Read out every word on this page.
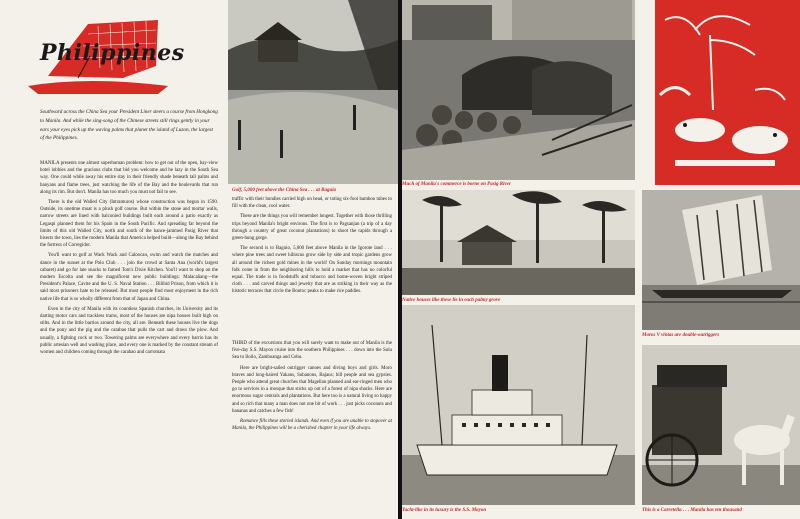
Philippines
Southward across the China Sea your President Liner steers a course from Hongkong to Manila. And while the sing-song of the Chinese streets still rings gently in your ears your eyes pick up the waving palms that planet the island of Luzon, the largest of the Philippines.

MANILA presents one almost superhuman problem: how to get out of the open, bay-view hotel lobbies and the gracious clubs that bid you welcome and be lazy in the South Sea way. One could while away his entire stay in their friendly shade beneath tall palms and banyans and flame trees, just watching the life of the Bay and the boulevards that run along its rim. But don't. Manila has too much you must not fail to see.

There is the old Walled City (Intramuros) whose construction was begun in 1590. Outside, its onetime moat is a plush golf course. But within the stone and mortar walls, narrow streets are lined with balconied buildings built each around a patio exactly as Legaspi planned them for his Spain in the South Pacific. And spreading far beyond the limits of this old Walled City, north and south of the hance-jammed Pasig River that bisects the town, lies the modern Manila that America helped build—along the Bay behind the fortress of Corregidor.

You'll want to golf at Wack Wack and Caloocan, swim and watch the matches and dance in the sunset at the Polo Club . . . join the crowd at Santa Ana (world's largest cabaret) and go for late snacks to famed Tom's Dixie Kitchen. You'll want to shop on the modern Escolta and see the magnificent new public buildings; Malacañang—the President's Palace, Cavite and the U. S. Naval Station . . . Bilibid Prison, from which it is said most prisoners hate to be released. But most people find most enjoyment in the rich native life that is so wholly different from that of Japan and China.

Even in the city of Manila with its countless Spanish churches, its University and its darting motor cars and trackless trams, most of the houses are nipa houses built high on stilts. And in the little barrios around the city, all are. Beneath these houses live the dogs and the pony and the pig and the carabao that pulls the cart and draws the plow. And usually, a fighting cock or two. Towering palms are everywhere and every barrio has its public artesian well and washing place, and every one is marked by the constant stream of women and children coming through the carabao and carromata

Golf, 5,000 feet above the China Sea . . . at Baguio

traffic with their bundles carried high on head, or toting six-foot bamboo tubes to fill with the clean, cool water.

These are the things you will remember longest. Together with those thrilling trips beyond Manila's bright environs. The first is to Pagsanjan (a trip of a day through a country of great coconut plantations) to shoot the rapids through a green-hung gorge.

The second is to Baguio, 5,000 feet above Manila in the Igorote land . . . where pine trees and sweet hibiscus grow side by side and tropic gardens grow all around the richest gold mines in the world! On Sunday mornings mountain folk come in from the neighboring hills to hold a market that has no colorful equal. The trade is in foodstuffs and tobacco and home-woven bright striped cloth . . . and carved things and jewelry that are as striking in their way as the historic terraces that circle the Bontoc peaks to make rice paddies.

THIRD of the excursions that you will surely want to make out of Manila is the five-day S.S. Mayon cruise into the southern Philippines . . . down into the Sulu Sea to Iloilo, Zamboanga and Cebu.

Here are bright-sailed outrigger canoes and diving boys and girls. Moro braves and long-haired Yakans, Subanons, Bajaus; hill people and sea gypsies. People who attend great churches that Magellan planned and ear-ringed men who go to services in a mosque that sticks up out of a forest of nipa shacks. Here are enormous sugar centrals and plantations. But here too is a natural living so happy and so rich that many a man does not one bit of work . . . just picks coconuts and bananas and catches a few fish!

Romance fills these storied islands. And even if you are unable to stopover at Manila, the Philippines will be a cherished chapter in your life always.

Much of Manila's commerce is borne on Pasig River
Native houses like these lie in each palmy grove
Moros V vintas are double-outriggers
Yacht-like in its luxury is the S.S. Mayon	This is a Carretella . . . Manila has ten thousand
